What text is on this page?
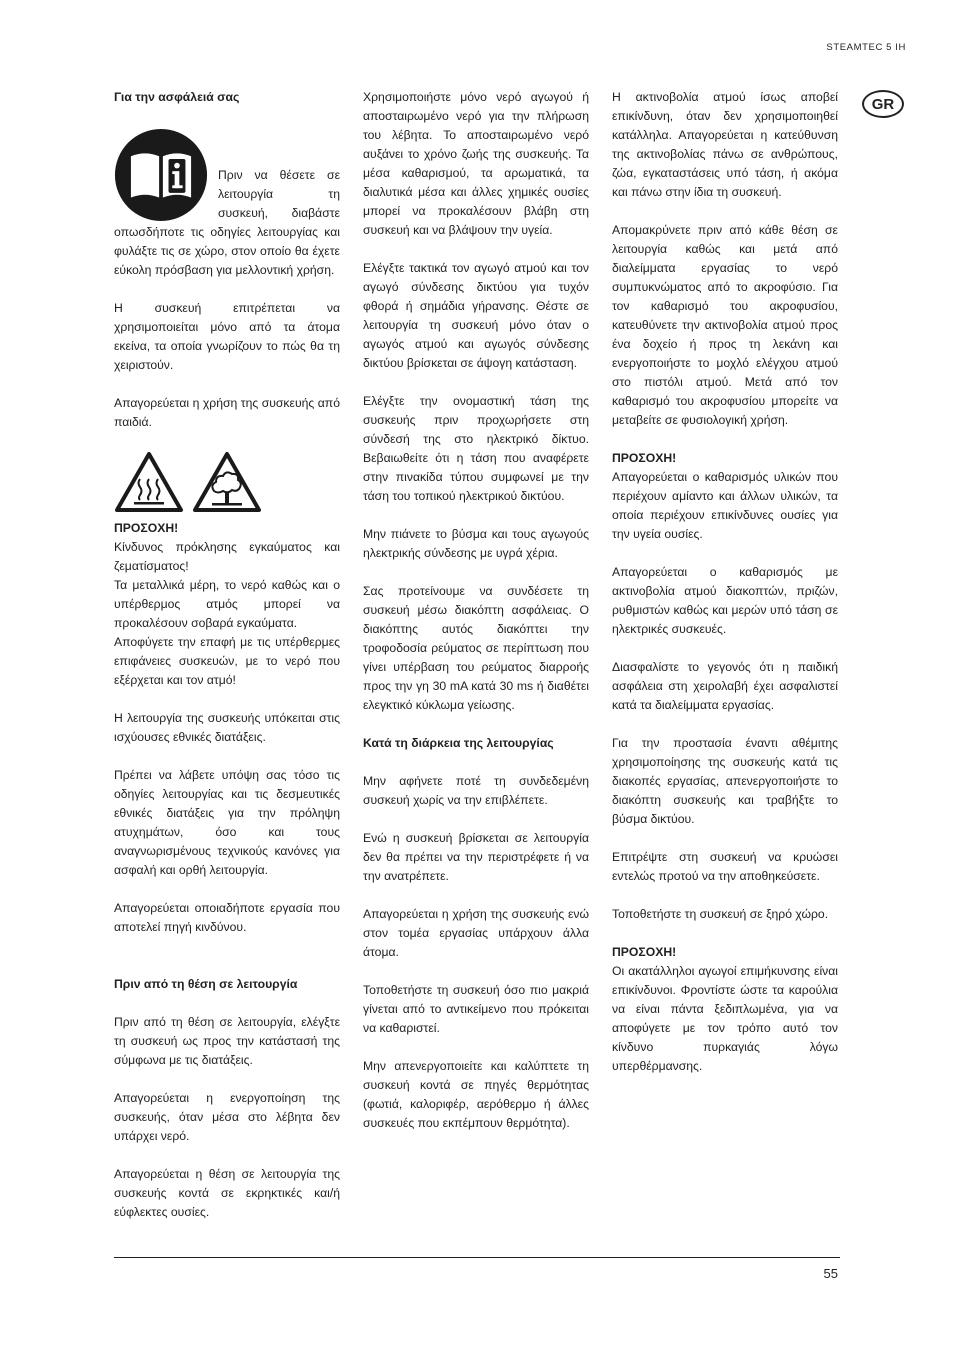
STEAMTEC 5 IH
GR
Για την ασφάλειά σας

Πριν να θέσετε σε λειτουργία τη συσκευή, διαβάστε οπωσδήποτε τις οδηγίες λειτουργίας και φυλάξτε τις σε χώρο, στον οποίο θα έχετε εύκολη πρόσβαση για μελλοντική χρήση.

Η συσκευή επιτρέπεται να χρησιμοποιείται μόνο από τα άτομα εκείνα, τα οποία γνωρίζουν το πώς θα τη χειριστούν.

Απαγορεύεται η χρήση της συσκευής από παιδιά.

ΠΡΟΣΟΧΗ!

Κίνδυνος πρόκλησης εγκαύματος και ζεματίσματος!

Τα μεταλλικά μέρη, το νερό καθώς και ο υπέρθερμος ατμός μπορεί να προκαλέσουν σοβαρά εγκαύματα.

Αποφύγετε την επαφή με τις υπέρθερμες επιφάνειες συσκευών, με το νερό που εξέρχεται και τον ατμό!

Η λειτουργία της συσκευής υπόκειται στις ισχύουσες εθνικές διατάξεις.

Πρέπει να λάβετε υπόψη σας τόσο τις οδηγίες λειτουργίας και τις δεσμευτικές εθνικές διατάξεις για την πρόληψη ατυχημάτων, όσο και τους αναγνωρισμένους τεχνικούς κανόνες για ασφαλή και ορθή λειτουργία.

Απαγορεύεται οποιαδήποτε εργασία που αποτελεί πηγή κινδύνου.

Πριν από τη θέση σε λειτουργία

Πριν από τη θέση σε λειτουργία, ελέγξτε τη συσκευή ως προς την κατάστασή της σύμφωνα με τις διατάξεις.

Απαγορεύεται η ενεργοποίηση της συσκευής, όταν μέσα στο λέβητα δεν υπάρχει νερό.

Απαγορεύεται η θέση σε λειτουργία της συσκευής κοντά σε εκρηκτικές και/ή εύφλεκτες ουσίες.

Χρησιμοποιήστε μόνο νερό αγωγού ή αποσταιρωμένο νερό για την πλήρωση του λέβητα. Το αποσταιρωμένο νερό αυξάνει το χρόνο ζωής της συσκευής. Τα μέσα καθαρισμού, τα αρωματικά, τα διαλυτικά μέσα και άλλες χημικές ουσίες μπορεί να προκαλέσουν βλάβη στη συσκευή και να βλάψουν την υγεία.

Ελέγξτε τακτικά τον αγωγό ατμού και τον αγωγό σύνδεσης δικτύου για τυχόν φθορά ή σημάδια γήρανσης. Θέστε σε λειτουργία τη συσκευή μόνο όταν ο αγωγός ατμού και αγωγός σύνδεσης δικτύου βρίσκεται σε άψογη κατάσταση.

Ελέγξτε την ονομαστική τάση της συσκευής πριν προχωρήσετε στη σύνδεσή της στο ηλεκτρικό δίκτυο. Βεβαιωθείτε ότι η τάση που αναφέρετε στην πινακίδα τύπου συμφωνεί με την τάση του τοπικού ηλεκτρικού δικτύου.

Μην πιάνετε το βύσμα και τους αγωγούς ηλεκτρικής σύνδεσης με υγρά χέρια.

Σας προτείνουμε να συνδέσετε τη συσκευή μέσω διακόπτη ασφάλειας. Ο διακόπτης αυτός διακόπτει την τροφοδοσία ρεύματος σε περίπτωση που γίνει υπέρβαση του ρεύματος διαρροής προς την γη 30 mA κατά 30 ms ή διαθέτει ελεγκτικό κύκλωμα γείωσης.

Κατά τη διάρκεια της λειτουργίας

Μην αφήνετε ποτέ τη συνδεδεμένη συσκευή χωρίς να την επιβλέπετε.

Ενώ η συσκευή βρίσκεται σε λειτουργία δεν θα πρέπει να την περιστρέφετε ή να την ανατρέπετε.

Απαγορεύεται η χρήση της συσκευής ενώ στον τομέα εργασίας υπάρχουν άλλα άτομα.

Τοποθετήστε τη συσκευή όσο πιο μακριά γίνεται από το αντικείμενο που πρόκειται να καθαριστεί.

Μην απενεργοποιείτε και καλύπτετε τη συσκευή κοντά σε πηγές θερμότητας (φωτιά, καλοριφέρ, αερόθερμο ή άλλες συσκευές που εκπέμπουν θερμότητα).

Η ακτινοβολία ατμού ίσως αποβεί επικίνδυνη, όταν δεν χρησιμοποιηθεί κατάλληλα. Απαγορεύεται η κατεύθυνση της ακτινοβολίας πάνω σε ανθρώπους, ζώα, εγκαταστάσεις υπό τάση, ή ακόμα και πάνω στην ίδια τη συσκευή.

Απομακρύνετε πριν από κάθε θέση σε λειτουργία καθώς και μετά από διαλείμματα εργασίας το νερό συμπυκνώματος από το ακροφύσιο. Για τον καθαρισμό του ακροφυσίου, κατευθύνετε την ακτινοβολία ατμού προς ένα δοχείο ή προς τη λεκάνη και ενεργοποιήστε το μοχλό ελέγχου ατμού στο πιστόλι ατμού. Μετά από τον καθαρισμό του ακροφυσίου μπορείτε να μεταβείτε σε φυσιολογική χρήση.

ΠΡΟΣΟΧΗ!

Απαγορεύεται ο καθαρισμός υλικών που περιέχουν αμίαντο και άλλων υλικών, τα οποία περιέχουν επικίνδυνες ουσίες για την υγεία ουσίες.

Απαγορεύεται ο καθαρισμός με ακτινοβολία ατμού διακοπτών, πριζών, ρυθμιστών καθώς και μερών υπό τάση σε ηλεκτρικές συσκευές.

Διασφαλίστε το γεγονός ότι η παιδική ασφάλεια στη χειρολαβή έχει ασφαλιστεί κατά τα διαλείμματα εργασίας.

Για την προστασία έναντι αθέμιτης χρησιμοποίησης της συσκευής κατά τις διακοπές εργασίας, απενεργοποιήστε το διακόπτη συσκευής και τραβήξτε το βύσμα δικτύου.

Επιτρέψτε στη συσκευή να κρυώσει εντελώς προτού να την αποθηκεύσετε.

Τοποθετήστε τη συσκευή σε ξηρό χώρο.

ΠΡΟΣΟΧΗ!

Οι ακατάλληλοι αγωγοί επιμήκυνσης είναι επικίνδυνοι. Φροντίστε ώστε τα καρούλια να είναι πάντα ξεδιπλωμένα, για να αποφύγετε με τον τρόπο αυτό τον κίνδυνο πυρκαγιάς λόγω υπερθέρμανσης.

55
